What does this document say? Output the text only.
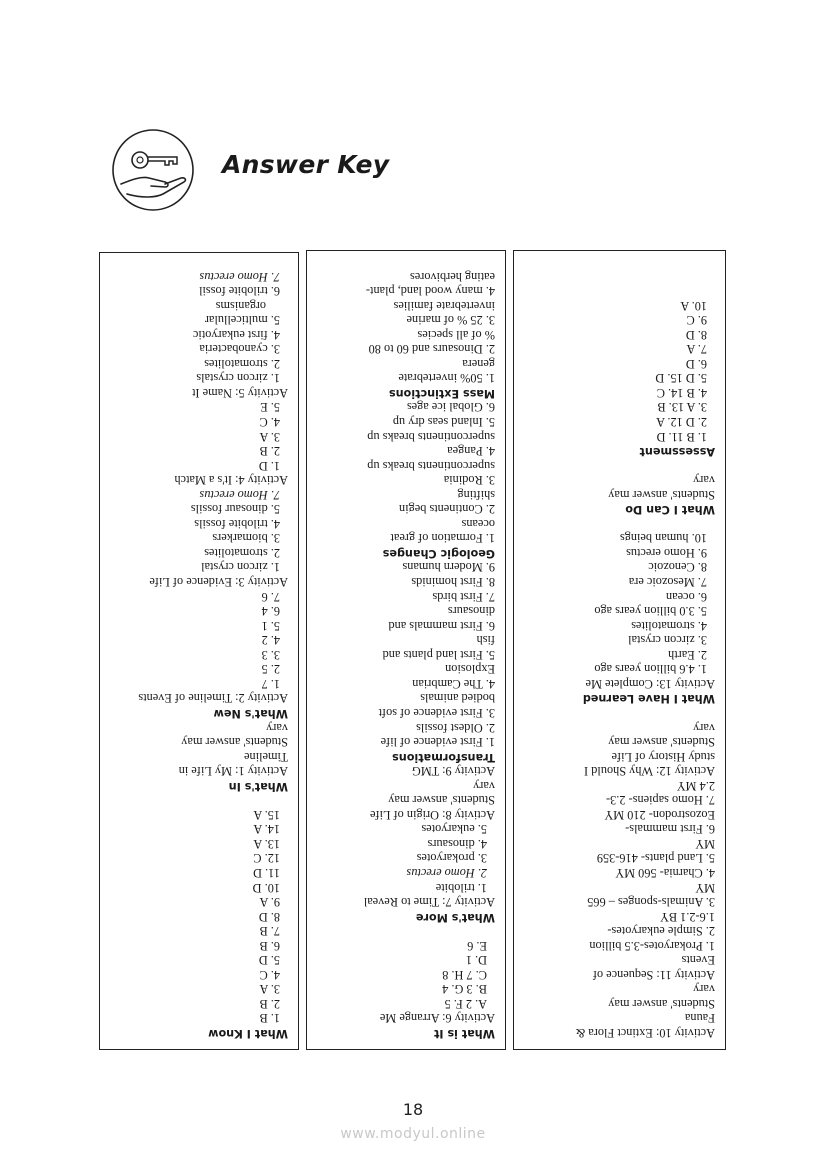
Answer Key
What I Know
1. B
2. B
3. A
4. C
5. D
6. B
7. B
8. D
9. A
10. D
11. D
12. C
13. A
14. A
15. A
What's In
Activity 1: My Life in
Timeline
Students' answer may
vary
What's New
Activity 2: Timeline of Events
1. 7
2. 5
3. 3
4. 2
5. 1
6. 4
7. 6
Activity 3: Evidence of Life
1. zircon crystal
2. stromatolites
3. biomarkers
4. trilobite fossils
5. dinosaur fossils
7. Homo erectus
Activity 4: It's a Match
1. D
2. B
3. A
4. C
5. E
Activity 5: Name It
1. zircon crystals
2. stromatolites
3. cyanobacteria
4. first eukaryotic
5. multicellular
organisms
6. trilobite fossil
7. Homo erectus
What is It
Activity 6: Arrange Me
A. 2 F. 5
B. 3 G. 4
C. 7 H. 8
D. 1
E. 6
What's More
Activity 7: Time to Reveal
1. trilobite
2. Homo erectus
3. prokaryotes
4. dinosaurs
5. eukaryotes
Activity 8: Origin of Life
Students' answer may
vary
Activity 9: TMG
Transformations
1. First evidence of life
2. Oldest fossils
3. First evidence of soft
bodied animals
4. The Cambrian
Explosion
5. First land plants and
fish
6. First mammals and
dinosaurs
7. First birds
8. First hominids
9. Modern humans
Geologic Changes
1. Formation of great
oceans
2. Continents begin
shifting
3. Rodinia
supercontinents breaks up
4. Pangea
supercontinents breaks up
5. Inland seas dry up
6. Global ice ages
Mass Extinctions
1. 50% invertebrate
genera
2. Dinosaurs and 60 to 80
% of all species
3. 25 % of marine
invertebrate families
4. many wood land, plant-
eating herbivores
Activity 10: Extinct Flora &
Fauna
Students' answer may
vary
Activity 11: Sequence of
Events
1. Prokaryotes-3.5 billion
2. Simple eukaryotes-
1.6-2.1 BY
3. Animals-sponges – 665
MY
4. Charnia- 560 MY
5. Land plants- 416-359
MY
6. First mammals-
Eozostrodon- 210 MY
7. Homo sapiens- 2.3-
2.4 MY
Activity 12: Why Should I
study History of Life
Students' answer may
vary
What I Have Learned
Activity 13: Complete Me
1. 4.6 billion years ago
2. Earth
3. zircon crystal
4. stromatolites
5. 3.0 billion years ago
6. ocean
7. Mesozoic era
8. Cenozoic
9. Homo erectus
10. human beings
What I Can Do
Students' answer may
vary
Assessment
1. B 11. D
2. D 12. A
3. A 13. B
4. B 14. C
5. D 15. D
6. D
7. A
8. D
9. C
10. A
18
www.modyul.online
